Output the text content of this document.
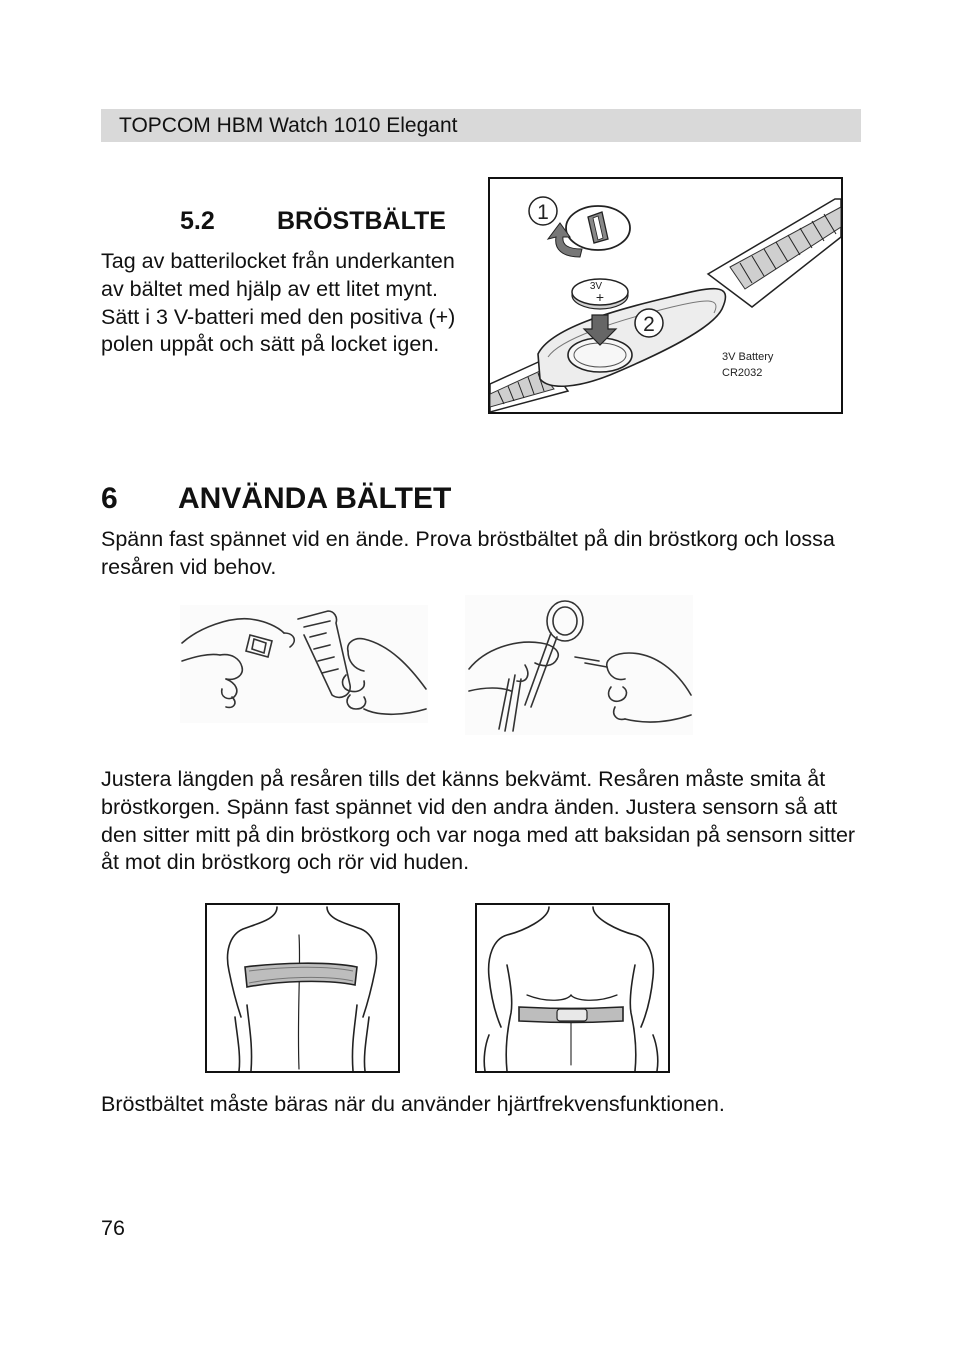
TOPCOM HBM Watch 1010 Elegant
5.2 BRÖSTBÄLTE

Tag av batterilocket från underkanten av bältet med hjälp av ett litet mynt. Sätt i 3 V-batteri med den positiva (+) polen uppåt och sätt på locket igen.

3V
+
1
2
3V Battery
CR2032
6 ANVÄNDA BÄLTET

Spänn fast spännet vid en ände. Prova bröstbältet på din bröstkorg och lossa resåren vid behov.

Justera längden på resåren tills det känns bekvämt. Resåren måste smita åt bröstkorgen. Spänn fast spännet vid den andra änden. Justera sensorn så att den sitter mitt på din bröstkorg och var noga med att baksidan på sensorn sitter åt mot din bröstkorg och rör vid huden.

Bröstbältet måste bäras när du använder hjärtfrekvensfunktionen.

76
